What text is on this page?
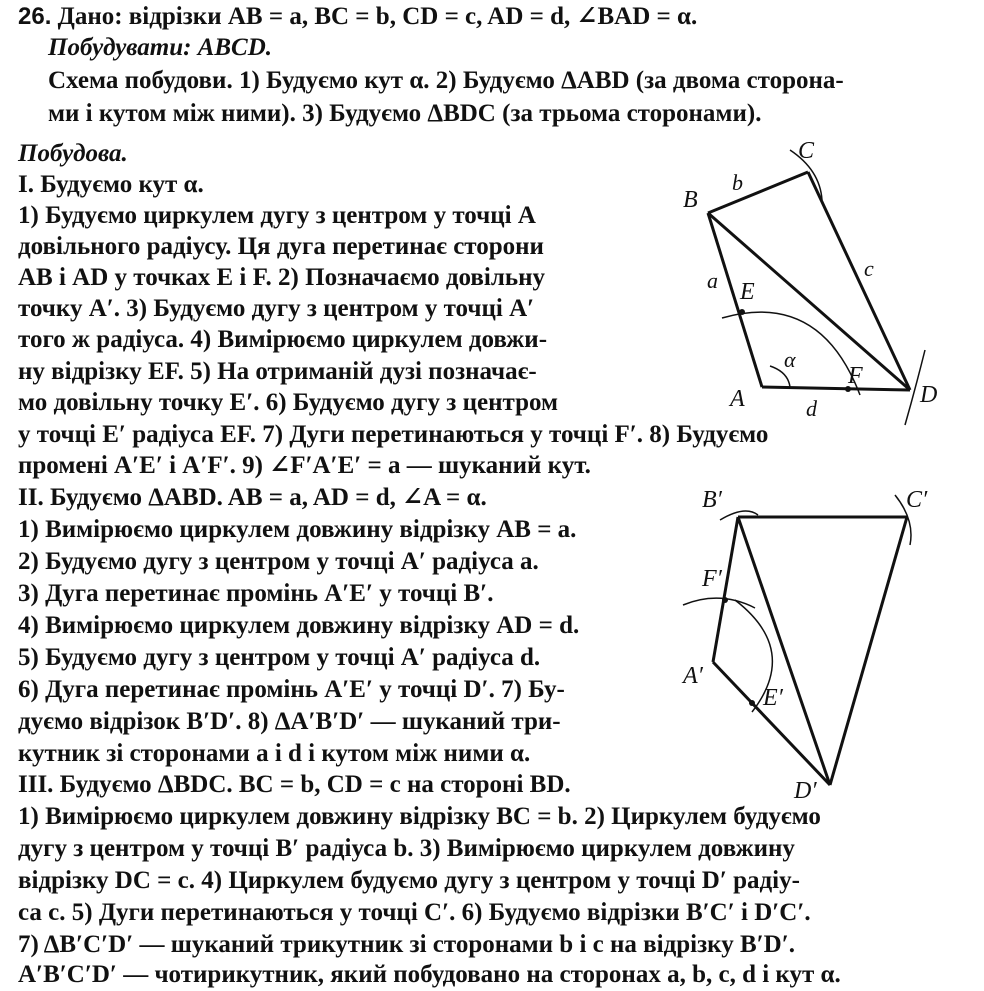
26. Дано: відрізки AB = a, BC = b, CD = c, AD = d, ∠BAD = α.
Побудувати: ABCD.
Схема побудови. 1) Будуємо кут α. 2) Будуємо ΔABD (за двома сторона-
ми і кутом між ними). 3) Будуємо ΔBDC (за трьома сторонами).
Побудова.
I. Будуємо кут α.
1) Будуємо циркулем дугу з центром у точці A
довільного радіусу. Ця дуга перетинає сторони
AB і AD у точках E і F. 2) Позначаємо довільну
точку A′. 3) Будуємо дугу з центром у точці A′
того ж радіуса. 4) Вимірюємо циркулем довжи-
ну відрізку EF. 5) На отриманій дузі позначає-
мо довільну точку E′. 6) Будуємо дугу з центром
у точці E′ радіуса EF. 7) Дуги перетинаються у точці F′. 8) Будуємо
промені A′E′ і A′F′. 9) ∠F′A′E′ = a — шуканий кут.
II. Будуємо ΔABD. AB = a, AD = d, ∠A = α.
1) Вимірюємо циркулем довжину відрізку AB = a.
2) Будуємо дугу з центром у точці A′ радіуса a.
3) Дуга перетинає промінь A′E′ у точці B′.
4) Вимірюємо циркулем довжину відрізку AD = d.
5) Будуємо дугу з центром у точці A′ радіуса d.
6) Дуга перетинає промінь A′E′ у точці D′. 7) Бу-
дуємо відрізок B′D′. 8) ΔA′B′D′ — шуканий три-
кутник зі сторонами a і d і кутом між ними α.
III. Будуємо ΔBDC. BC = b, CD = c на стороні BD.
1) Вимірюємо циркулем довжину відрізку BC = b. 2) Циркулем будуємо
дугу з центром у точці B′ радіуса b. 3) Вимірюємо циркулем довжину
відрізку DC = c. 4) Циркулем будуємо дугу з центром у точці D′ радіу-
са c. 5) Дуги перетинаються у точці C′. 6) Будуємо відрізки B′C′ і D′C′.
7) ΔB′C′D′ — шуканий трикутник зі сторонами b і c на відрізку B′D′.
A′B′C′D′ — чотирикутник, який побудовано на сторонах a, b, c, d і кут α.
B
C
A	D
E
F
a
b
c
d
α
B′	C′
A′
D′
E′
F′
